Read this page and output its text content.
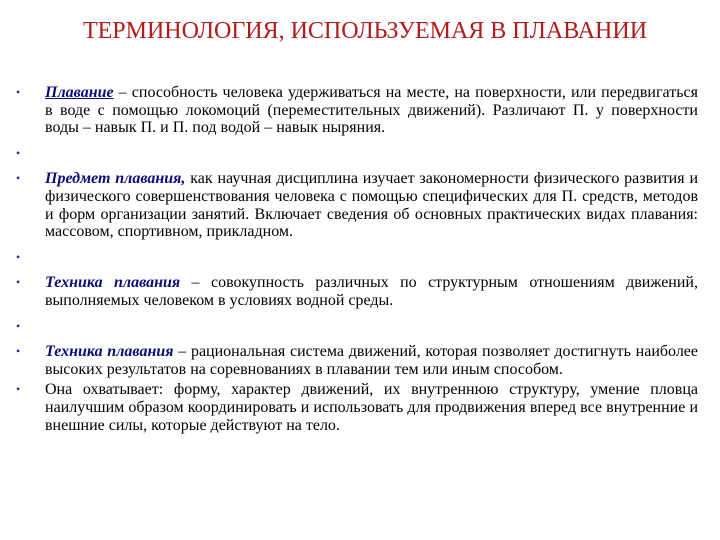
ТЕРМИНОЛОГИЯ, ИСПОЛЬЗУЕМАЯ В ПЛАВАНИИ
•	Плавание – способность человека удерживаться на месте, на поверхности, или передвигаться в воде с помощью локомоций (переместительных движений). Различают П. у поверхности воды – навык П. и П. под водой – навык ныряния.
•
•	Предмет плавания, как научная дисциплина изучает закономерности физического развития и физического совершенствования человека с помощью специфических для П. средств, методов и форм организации занятий. Включает сведения об основных практических видах плавания: массовом, спортивном, прикладном.
•
•	Техника плавания – совокупность различных по структурным отношениям движений, выполняемых человеком в условиях водной среды.
•
•	Техника плавания – рациональная система движений, которая позволяет достигнуть наиболее высоких результатов на соревнованиях в плавании тем или иным способом.
•	Она охватывает: форму, характер движений, их внутреннюю структуру, умение пловца наилучшим образом координировать и использовать для продвижения вперед все внутренние и внешние силы, которые действуют на тело.
